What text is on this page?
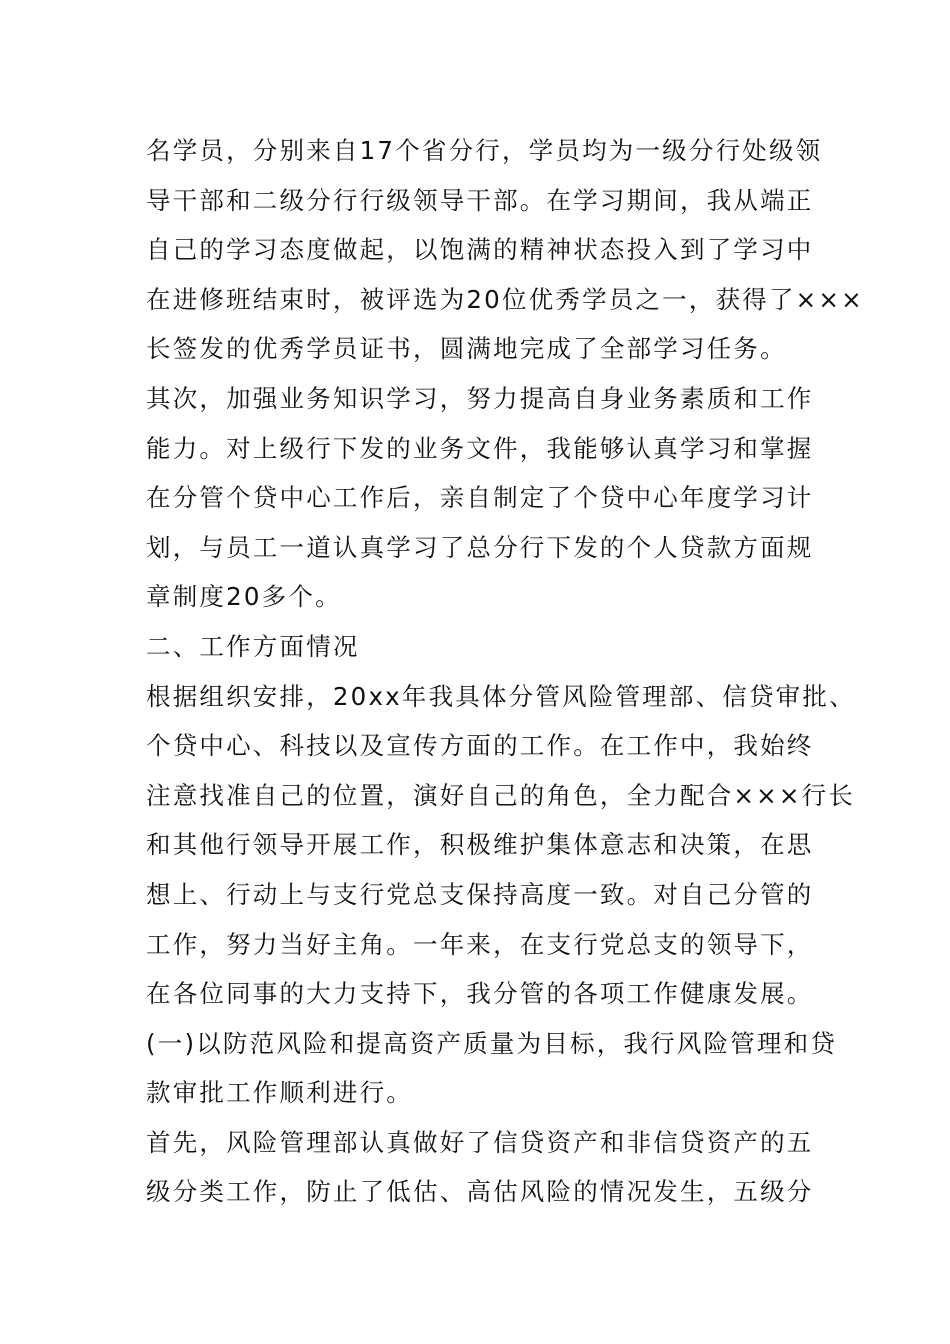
名学员，分别来自17个省分行，学员均为一级分行处级领
导干部和二级分行行级领导干部。在学习期间，我从端正
自己的学习态度做起，以饱满的精神状态投入到了学习中
在进修班结束时，被评选为20位优秀学员之一，获得了×××
长签发的优秀学员证书，圆满地完成了全部学习任务。
其次，加强业务知识学习，努力提高自身业务素质和工作
能力。对上级行下发的业务文件，我能够认真学习和掌握
在分管个贷中心工作后，亲自制定了个贷中心年度学习计
划，与员工一道认真学习了总分行下发的个人贷款方面规
章制度20多个。
二、工作方面情况
根据组织安排，20xx年我具体分管风险管理部、信贷审批、
个贷中心、科技以及宣传方面的工作。在工作中，我始终
注意找准自己的位置，演好自己的角色，全力配合×××行长
和其他行领导开展工作，积极维护集体意志和决策，在思
想上、行动上与支行党总支保持高度一致。对自己分管的
工作，努力当好主角。一年来，在支行党总支的领导下，
在各位同事的大力支持下，我分管的各项工作健康发展。
(一)以防范风险和提高资产质量为目标，我行风险管理和贷
款审批工作顺利进行。
首先，风险管理部认真做好了信贷资产和非信贷资产的五
级分类工作，防止了低估、高估风险的情况发生，五级分
